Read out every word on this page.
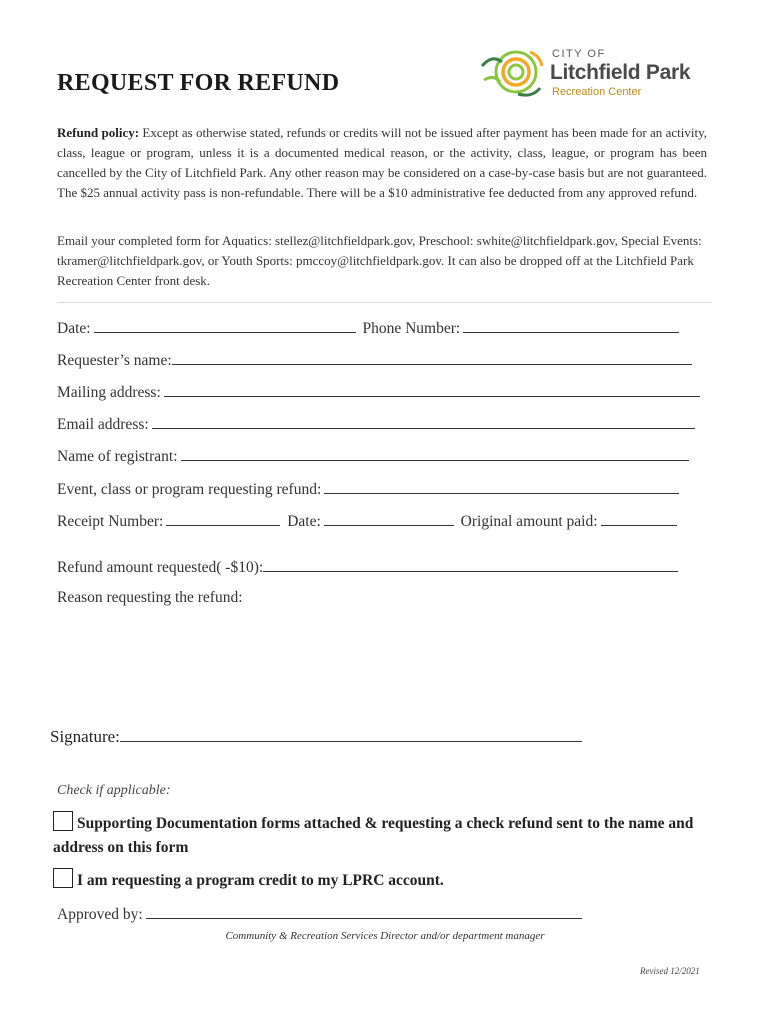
REQUEST FOR REFUND
CITY OF
Litchfield Park
Recreation Center
Refund policy: Except as otherwise stated, refunds or credits will not be issued after payment has been made for an activity, class, league or program, unless it is a documented medical reason, or the activity, class, league, or program has been cancelled by the City of Litchfield Park. Any other reason may be considered on a case-by-case basis but are not guaranteed. The $25 annual activity pass is non-refundable. There will be a $10 administrative fee deducted from any approved refund.
Email your completed form for Aquatics: stellez@litchfieldpark.gov, Preschool: swhite@litchfieldpark.gov, Special Events: tkramer@litchfieldpark.gov, or Youth Sports: pmccoy@litchfieldpark.gov. It can also be dropped off at the Litchfield Park Recreation Center front desk.
Date:	Phone Number:
Requester’s name:
Mailing address:
Email address:
Name of registrant:
Event, class or program requesting refund:
Receipt Number:	Date:	Original amount paid:
Refund amount requested( -$10):
Reason requesting the refund:
Signature:
Check if applicable:
Supporting Documentation forms attached & requesting a check refund sent to the name and address on this form
I am requesting a program credit to my LPRC account.
Approved by:
Community & Recreation Services Director and/or department manager
Revised 12/2021
